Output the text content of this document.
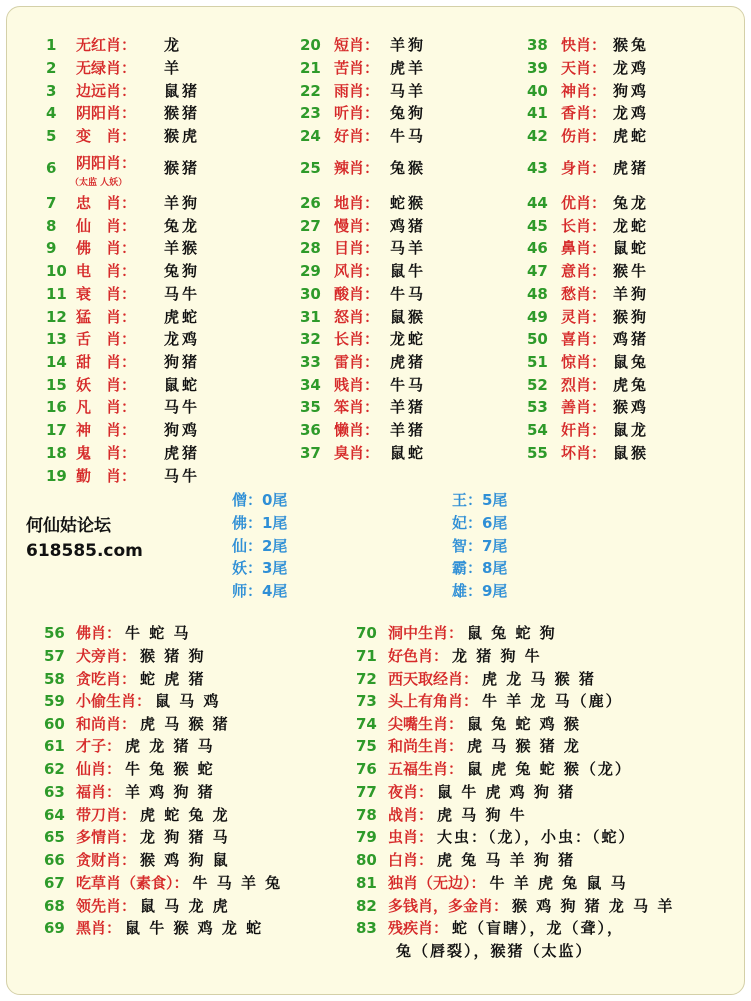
1 无红肖： 龙
2 无绿肖： 羊
3 边远肖： 鼠猪
4 阴阳肖： 猴猪
5 变　肖： 猴虎
6 阴阳肖： 猴猪
（太监 人妖）
7 忠　肖： 羊狗
8 仙　肖： 兔龙
9 佛　肖： 羊猴
10 电　肖： 兔狗
11 衰　肖： 马牛
12 猛　肖： 虎蛇
13 舌　肖： 龙鸡
14 甜　肖： 狗猪
15 妖　肖： 鼠蛇
16 凡　肖： 马牛
17 神　肖： 狗鸡
18 鬼　肖： 虎猪
19 勤　肖： 马牛
20 短肖： 羊狗
21 苦肖： 虎羊
22 雨肖： 马羊
23 听肖： 兔狗
24 好肖： 牛马
25 辣肖： 兔猴
26 地肖： 蛇猴
27 慢肖： 鸡猪
28 目肖： 马羊
29 风肖： 鼠牛
30 酸肖： 牛马
31 怒肖： 鼠猴
32 长肖： 龙蛇
33 雷肖： 虎猪
34 贱肖： 牛马
35 笨肖： 羊猪
36 懒肖： 羊猪
37 臭肖： 鼠蛇
38 快肖： 猴兔
39 天肖： 龙鸡
40 神肖： 狗鸡
41 香肖： 龙鸡
42 伤肖： 虎蛇
43 身肖： 虎猪
44 优肖： 兔龙
45 长肖： 龙蛇
46 鼻肖： 鼠蛇
47 意肖： 猴牛
48 愁肖： 羊狗
49 灵肖： 猴狗
50 喜肖： 鸡猪
51 惊肖： 鼠兔
52 烈肖： 虎兔
53 善肖： 猴鸡
54 奸肖： 鼠龙
55 坏肖： 鼠猴
何仙姑论坛
618585.com
僧：0尾
佛：1尾
仙：2尾
妖：3尾
师：4尾
王：5尾
妃：6尾
智：7尾
霸：8尾
雄：9尾
56 佛肖： 牛 蛇 马
57 犬旁肖： 猴 猪 狗
58 贪吃肖： 蛇 虎 猪
59 小偷生肖： 鼠 马 鸡
60 和尚肖： 虎 马 猴 猪
61 才子： 虎 龙 猪 马
62 仙肖： 牛 兔 猴 蛇
63 福肖： 羊 鸡 狗 猪
64 带刀肖： 虎 蛇 兔 龙
65 多情肖： 龙 狗 猪 马
66 贪财肖： 猴 鸡 狗 鼠
67 吃草肖（素食）： 牛 马 羊 兔
68 领先肖： 鼠 马 龙 虎
69 黑肖： 鼠 牛 猴 鸡 龙 蛇
70 洞中生肖： 鼠 兔 蛇 狗
71 好色肖： 龙 猪 狗 牛
72 西天取经肖： 虎 龙 马 猴 猪
73 头上有角肖： 牛 羊 龙 马（鹿）
74 尖嘴生肖： 鼠 兔 蛇 鸡 猴
75 和尚生肖： 虎 马 猴 猪 龙
76 五福生肖： 鼠 虎 兔 蛇 猴（龙）
77 夜肖： 鼠 牛 虎 鸡 狗 猪
78 战肖： 虎 马 狗 牛
79 虫肖： 大虫：（龙），小虫：（蛇）
80 白肖： 虎 兔 马 羊 狗 猪
81 独肖（无边）： 牛 羊 虎 兔 鼠 马
82 多钱肖，多金肖： 猴 鸡 狗 猪 龙 马 羊
83 残疾肖： 蛇（盲瞎），龙（聋），
兔（唇裂），猴猪（太监）
